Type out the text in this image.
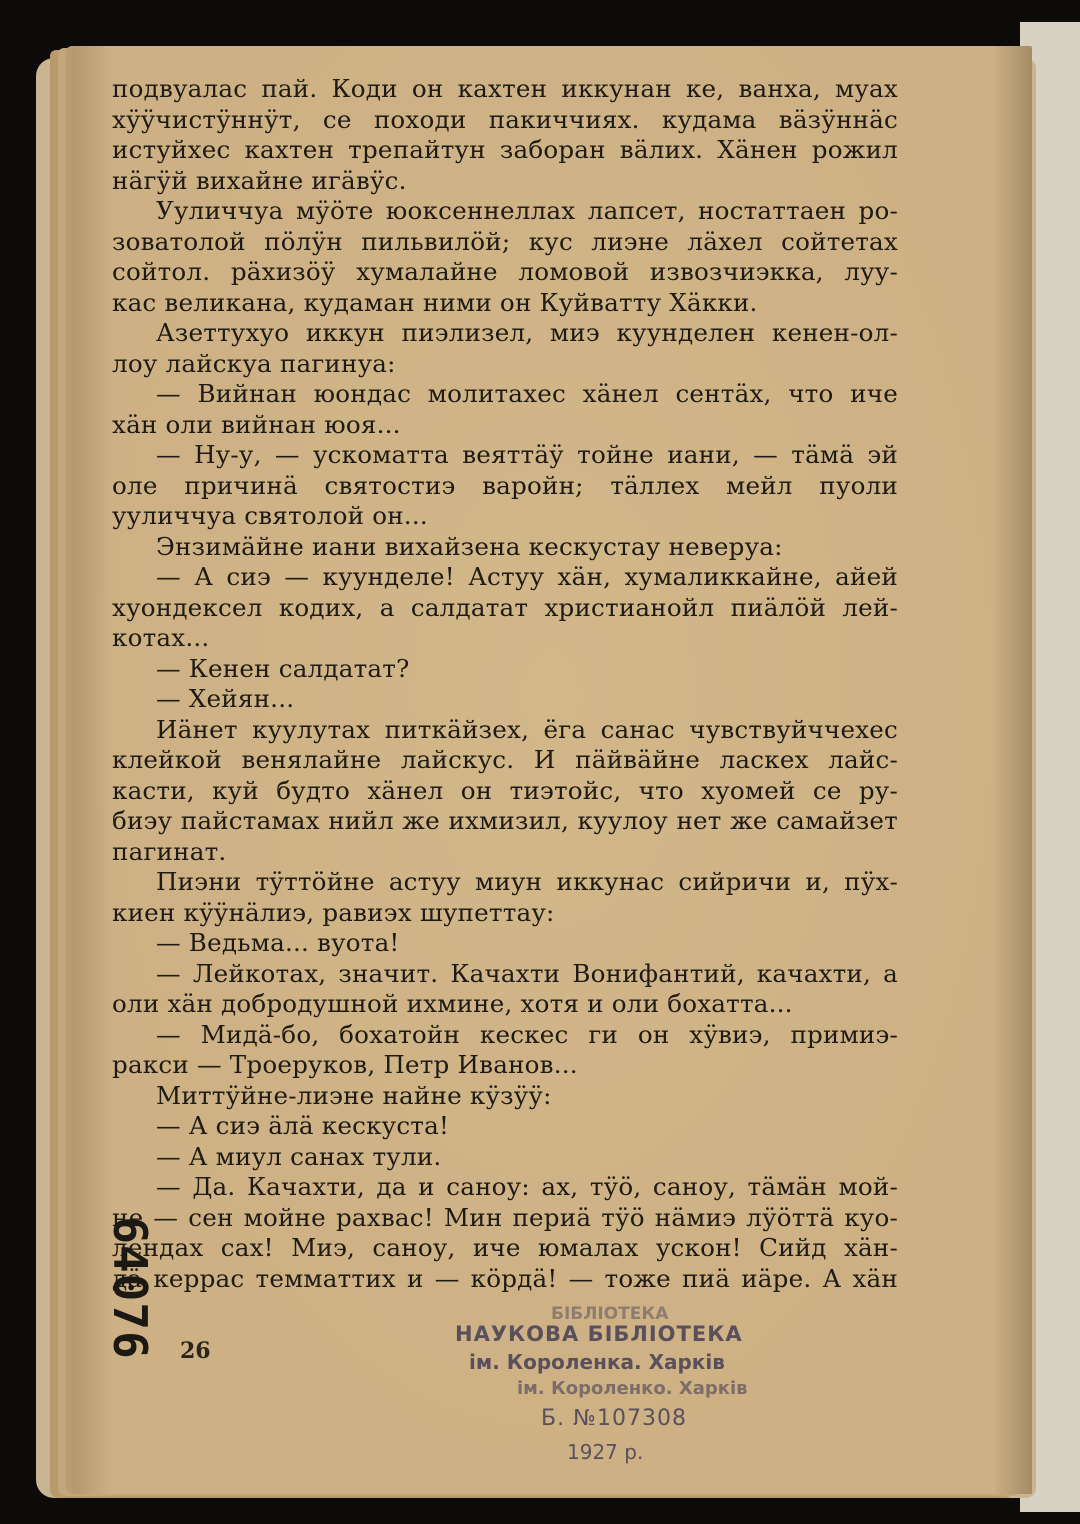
подвуалас пай. Коди он кахтен иккунан ке, ванха, муах
хӱӱчистӱннӱт, се походи пакиччиях. кудама вӓзӱннӓс
истуйхес кахтен трепайтун заборан вӓлих. Хӓнен рожил
нӓгӱй вихайне игӓвӱс.
Ууличчуа мӱӧте юоксеннеллах лапсет, ностаттаен ро-
зоватолой пӧлӱн пильвилӧй; кус лиэне лӓхел сойтетах
сойтол. рӓхизӧӱ хумалайне ломовой извозчиэкка, луу-
кас великана, кудаман ними он Куйватту Хӓкки.
Азеттухуо иккун пиэлизел, миэ куунделен кенен-ол-
лоу лайскуа пагинуа:
— Вийнан юондас молитахес хӓнел сентӓх, что иче
хӓн оли вийнан юоя...
— Ну-у, — ускоматта веяттӓӱ тойне иани, — тӓмӓ эй
оле причинӓ святостиэ варойн; тӓллех мейл пуоли
ууличчуа святолой он...
Энзимӓйне иани вихайзена кескустау неверуа:
— А сиэ — куунделе! Астуу хӓн, хумаликкайне, айей
хуондексел кодих, а салдатат христианойл пиӓлӧй лей-
котах...
— Кенен салдатат?
— Хейян...
Иӓнет куулутах питкӓйзех, ёга санас чувствуйччехес
клейкой венялайне лайскус. И пӓйвӓйне ласкех лайс-
касти, куй будто хӓнел он тиэтойс, что хуомей се ру-
биэу пайстамах нийл же ихмизил, куулоу нет же самайзет
пагинат.
Пиэни тӱттӧйне астуу миун иккунас сийричи и, пӱх-
киен кӱӱнӓлиэ, равиэх шупеттау:
— Ведьма... вуота!
— Лейкотах, значит. Качахти Вонифантий, качахти, а
оли хӓн добродушной ихмине, хотя и оли бохатта...
— Мидӓ-бо, бохатойн кескес ги он хӱвиэ, примиэ-
ракси — Троеруков, Петр Иванов...
Миттӱйне-лиэне найне кӱзӱӱ:
— А сиэ ӓлӓ кескуста!
— А миул санах тули.
— Да. Качахти, да и саноу: ах, тӱӧ, саноу, тӓмӓн мой-
не — сен мойне рахвас! Мин периӓ тӱӧ нӓмиэ лӱӧттӓ куо-
лендах сах! Миэ, саноу, иче юмалах ускон! Сийд хӓн-
дӓ керрас темматтих и — кӧрдӓ! — тоже пиӓ иӓре. А хӓн
26
64076	БІБЛІОТЕКА
НАУКОВА БІБЛІОТЕКА
ім. Короленка. Харків
ім. Короленко. Харків
Б. №107308
1927 р.
